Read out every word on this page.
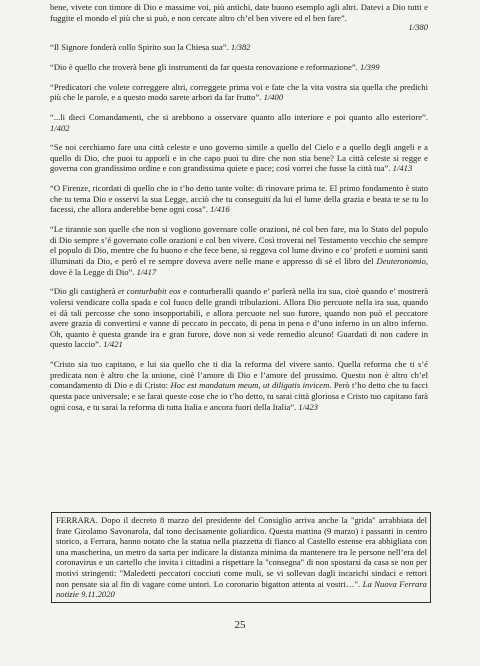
bene, vivete con timore di Dio e massime voi, più antichi, date buono esemplo agli altri. Datevi a Dio tutti e fuggite el mondo el più che si può, e non cercate altro ch’el ben vivere ed el ben fare”.
1/380

“Il Signore fonderà collo Spirito suo la Chiesa sua”. 1/382

“Dio è quello che troverà bene gli instrumenti da far questa renovazione e reformazione”. 1/399

“Predicatori che volete correggere altri, correggete prima voi e fate che la vita vostra sia quella che predichi più che le parole, e a questo modo sarete arbori da far frutto”. 1/400

“...li dieci Comandamenti, che si arebbono a osservare quanto allo interiore e poi quanto allo esteriore”. 1/402

“Se noi cerchiamo fare una città celeste e uno governo simile a quello del Cielo e a quello degli angeli e a quello di Dio, che puoi tu apporli e in che capo puoi tu dire che non stia bene? La città celeste si regge e governa con grandissimo ordine e con grandissima quiete e pace; così vorrei che fusse la città tua”. 1/413

“O Firenze, ricordati di quello che io t’ho detto tante volte: di rinovare prima te. El primo fondamento è stato che tu tema Dio e osservi la sua Legge, acciò che tu conseguiti da lui el lume della grazia e beata te se tu lo facessi, che allora anderebbe bene ogni cosa”. 1/416

“Le tirannie son quelle che non si vogliono governare colle orazioni, né col ben fare, ma lo Stato del populo di Dio sempre s’é governato colle orazioni e col ben vivere. Così troverai nel Testamento vecchio che sempre el populo di Dio, mentre che fu buono e che fece bene, si reggeva col lume divino e co’ profeti e uomini santi illuminati da Dio, e però el re sempre doveva avere nelle mane e appresso di sé el libro del Deuteronomio, dove è la Legge di Dio”. 1/417

“Dio gli castigherà et conturbabit eos e conturberalli quando e’ parlerà nella ira sua, cioè quando e’ mostrerà volersi vendicare colla spada e col fuoco delle grandi tribulazioni. Allora Dio percuote nella ira sua, quando ei dà tali percosse che sono insopportabili, e allora percuote nel suo furore, quando non può el peccatore avere grazia di convertirsi e vanne di peccato in peccato, di pena in pena e d’uno inferno in un altro inferno. Oh, quanto è questa grande ira e gran furore, dove non si vede remedio alcuno! Guardati di non cadere in questo laccio”. 1/421

“Cristo sia tuo capitano, e lui sia quello che ti dia la reforma del vivere santo. Quella reforma che ti s’é predicata non è altro che la unione, cioè l’amore di Dio e l’amore del prossimo. Questo non è altro ch’el comandamento di Dio e di Cristo: Hoc est mandatum meum, ut diligatis invicem. Però t’ho detto che tu facci questa pace universale; e se farai queste cose che io t’ho detto, tu sarai città gloriosa e Cristo tuo capitano farà ogni cosa, e tu sarai la reforma di tutta Italia e ancora fuori della Italia”. 1/423

FERRARA. Dopo il decreto 8 marzo del presidente del Consiglio arriva anche la "grida" arrabbiata del frate Girolamo Savonarola, dal tono decisamente goliardico. Questa mattina (9 marzo) i passanti in centro storico, a Ferrara, hanno notato che la statua nella piazzetta di fianco al Castello estense era abbigliata con una mascherina, un metro da sarta per indicare la distanza minima da mantenere tra le persone nell’era del coronavirus e un cartello che invita i cittadini a rispettare la "consegna" di non spostarsi da casa se non per motivi stringenti: "Maledetti peccatori cocciuti come muli, se vi sollevan dagli incarichi sindaci e rettori non pensate sia al fin di vagare come untori. Lo coronario bigatton attenta ai vostri…". La Nuova Ferrara notizie 9.11.2020
25
